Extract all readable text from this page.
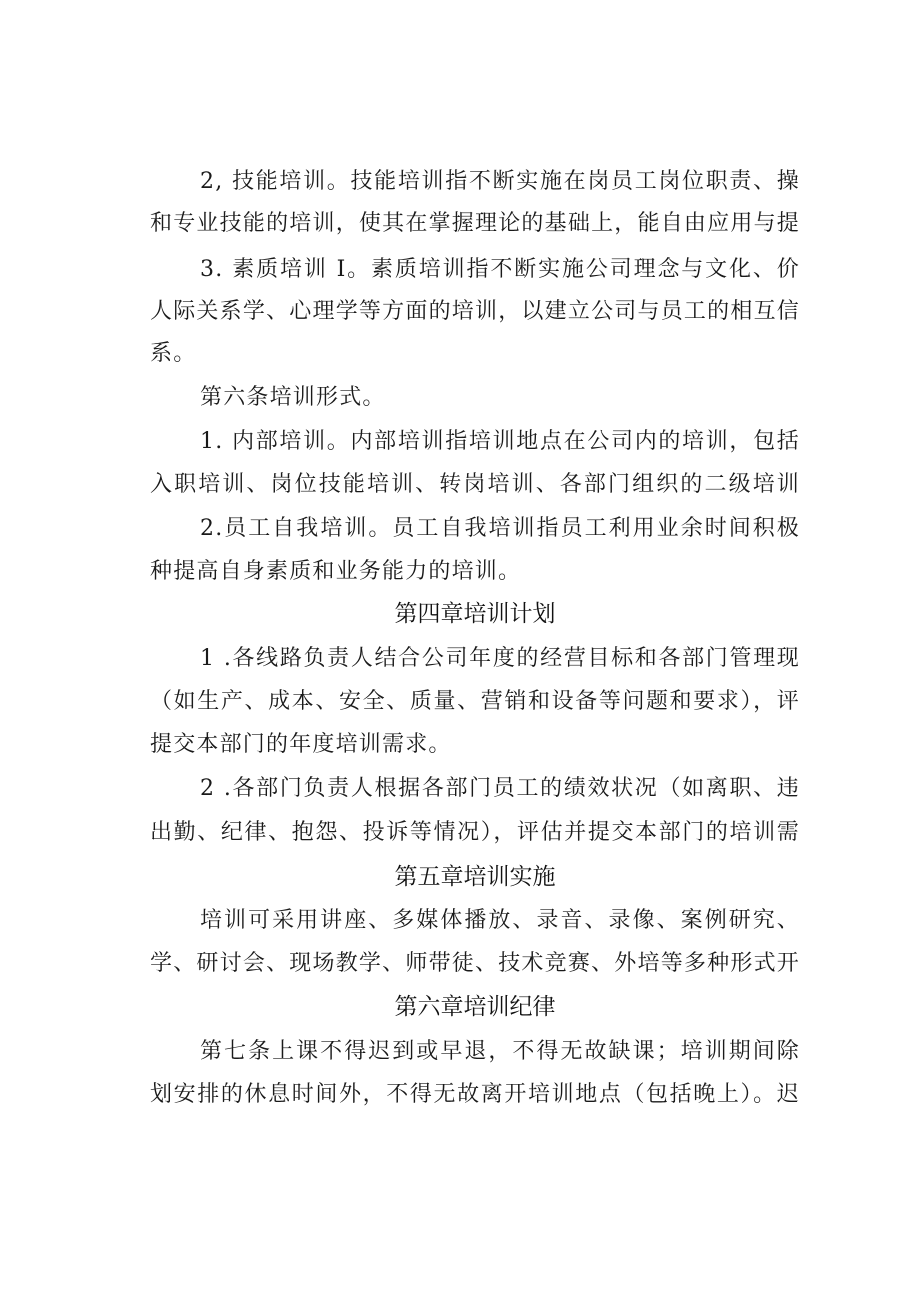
2, 技能培训。技能培训指不断实施在岗员工岗位职责、操
和专业技能的培训，使其在掌握理论的基础上，能自由应用与提
3. 素质培训 I。素质培训指不断实施公司理念与文化、价
人际关系学、心理学等方面的培训，以建立公司与员工的相互信
系。
第六条培训形式。
1. 内部培训。内部培训指培训地点在公司内的培训，包括
入职培训、岗位技能培训、转岗培训、各部门组织的二级培训
2.员工自我培训。员工自我培训指员工利用业余时间积极
种提高自身素质和业务能力的培训。
第四章培训计划
1 .各线路负责人结合公司年度的经营目标和各部门管理现
（如生产、成本、安全、质量、营销和设备等问题和要求），评
提交本部门的年度培训需求。
2 .各部门负责人根据各部门员工的绩效状况（如离职、违
出勤、纪律、抱怨、投诉等情况），评估并提交本部门的培训需
第五章培训实施
培训可采用讲座、多媒体播放、录音、录像、案例研究、
学、研讨会、现场教学、师带徒、技术竞赛、外培等多种形式开
第六章培训纪律
第七条上课不得迟到或早退，不得无故缺课；培训期间除
划安排的休息时间外，不得无故离开培训地点（包括晚上）。迟
